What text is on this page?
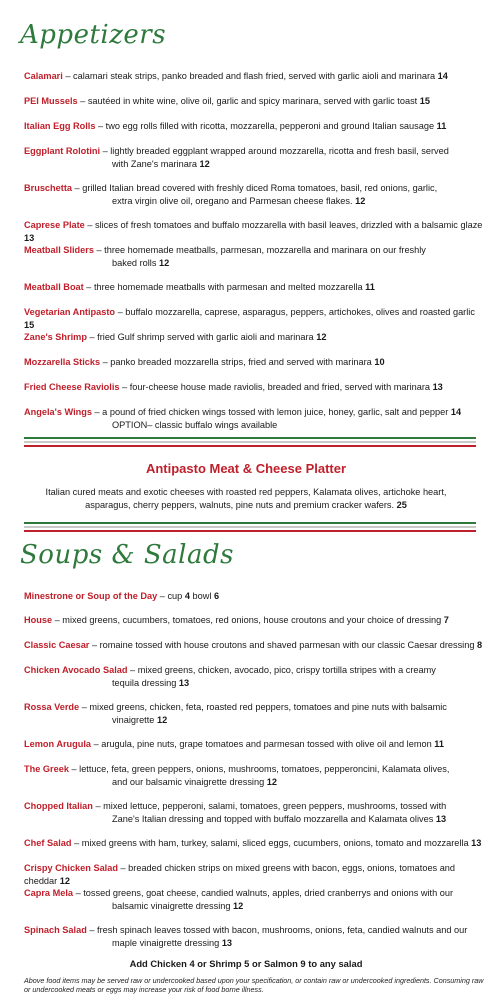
Appetizers
Calamari – calamari steak strips, panko breaded and flash fried, served with garlic aioli and marinara 14
PEI Mussels – sautéed in white wine, olive oil, garlic and spicy marinara, served with garlic toast 15
Italian Egg Rolls – two egg rolls filled with ricotta, mozzarella, pepperoni and ground Italian sausage 11
Eggplant Rolotini – lightly breaded eggplant wrapped around mozzarella, ricotta and fresh basil, served
with Zane's marinara 12
Bruschetta – grilled Italian bread covered with freshly diced Roma tomatoes, basil, red onions, garlic,
extra virgin olive oil, oregano and Parmesan cheese flakes. 12
Caprese Plate – slices of fresh tomatoes and buffalo mozzarella with basil leaves, drizzled with a balsamic glaze 13
Meatball Sliders – three homemade meatballs, parmesan, mozzarella and marinara on our freshly
baked rolls 12
Meatball Boat – three homemade meatballs with parmesan and melted mozzarella 11
Vegetarian Antipasto – buffalo mozzarella, caprese, asparagus, peppers, artichokes, olives and roasted garlic 15
Zane's Shrimp – fried Gulf shrimp served with garlic aioli and marinara 12
Mozzarella Sticks – panko breaded mozzarella strips, fried and served with marinara 10
Fried Cheese Raviolis – four-cheese house made raviolis, breaded and fried, served with marinara 13
Angela's Wings – a pound of fried chicken wings tossed with lemon juice, honey, garlic, salt and pepper 14
OPTION– classic buffalo wings available
Antipasto Meat & Cheese Platter
Italian cured meats and exotic cheeses with roasted red peppers, Kalamata olives, artichoke heart, asparagus, cherry peppers, walnuts, pine nuts and premium cracker wafers. 25
Soups & Salads
Minestrone or Soup of the Day – cup 4 bowl 6
House – mixed greens, cucumbers, tomatoes, red onions, house croutons and your choice of dressing 7
Classic Caesar – romaine tossed with house croutons and shaved parmesan with our classic Caesar dressing 8
Chicken Avocado Salad – mixed greens, chicken, avocado, pico, crispy tortilla stripes with a creamy
tequila dressing 13
Rossa Verde – mixed greens, chicken, feta, roasted red peppers, tomatoes and pine nuts with balsamic
vinaigrette 12
Lemon Arugula – arugula, pine nuts, grape tomatoes and parmesan tossed with olive oil and lemon 11
The Greek – lettuce, feta, green peppers, onions, mushrooms, tomatoes, pepperoncini, Kalamata olives,
and our balsamic vinaigrette dressing 12
Chopped Italian – mixed lettuce, pepperoni, salami, tomatoes, green peppers, mushrooms, tossed with
Zane's Italian dressing and topped with buffalo mozzarella and Kalamata olives 13
Chef Salad – mixed greens with ham, turkey, salami, sliced eggs, cucumbers, onions, tomato and mozzarella 13
Crispy Chicken Salad – breaded chicken strips on mixed greens with bacon, eggs, onions, tomatoes and cheddar 12
Capra Mela – tossed greens, goat cheese, candied walnuts, apples, dried cranberrys and onions with our
balsamic vinaigrette dressing 12
Spinach Salad – fresh spinach leaves tossed with bacon, mushrooms, onions, feta, candied walnuts and our
maple vinaigrette dressing 13
Add Chicken 4 or Shrimp 5 or Salmon 9 to any salad
Above food items may be served raw or undercooked based upon your specification, or contain raw or undercooked ingredients. Consuming raw or undercooked meats or eggs may increase your risk of food borne illness.
